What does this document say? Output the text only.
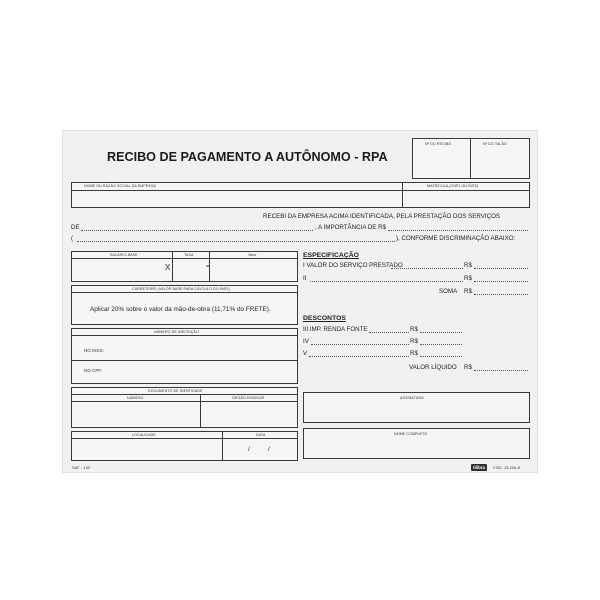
RECIBO DE PAGAMENTO A AUTÔNOMO - RPA
Nº DO RECIBO	Nº DO TALÃO
NOME OU RAZÃO SOCIAL DA EMPRESA	MATRÍCULA (CNPJ OU INSS)
RECEBI DA EMPRESA ACIMA IDENTIFICADA, PELA PRESTAÇÃO DOS SERVIÇOS
DE	, A IMPORTÂNCIA DE R$
(	), CONFORME DISCRIMINAÇÃO ABAIXO:
SALÁRIO-BASE	TAXA	Valor
X	=
CARRETEIRO (VALOR BASE PARA CÁLCULO DO INSS)
Aplicar 20% sobre o valor da mão-de-obra (11,71% do FRETE).
NÚMERO DE INSCRIÇÃO
NO INSS:
NO CPF:
DOCUMENTO DE IDENTIDADE
NÚMERO	ÓRGÃO EMISSOR
LOCALIDADE	DATA
/	/
ESPECIFICAÇÃO
I VALOR DO SERVIÇO PRESTADO	R$
II	R$
SOMA R$
DESCONTOS
III IMP. RENDA FONTE	R$
IV	R$
V	R$
VALOR LÍQUIDO R$
ASSINATURA
NOME COMPLETO
SAF - 140	tilibra	CÓD. 15.206-8
